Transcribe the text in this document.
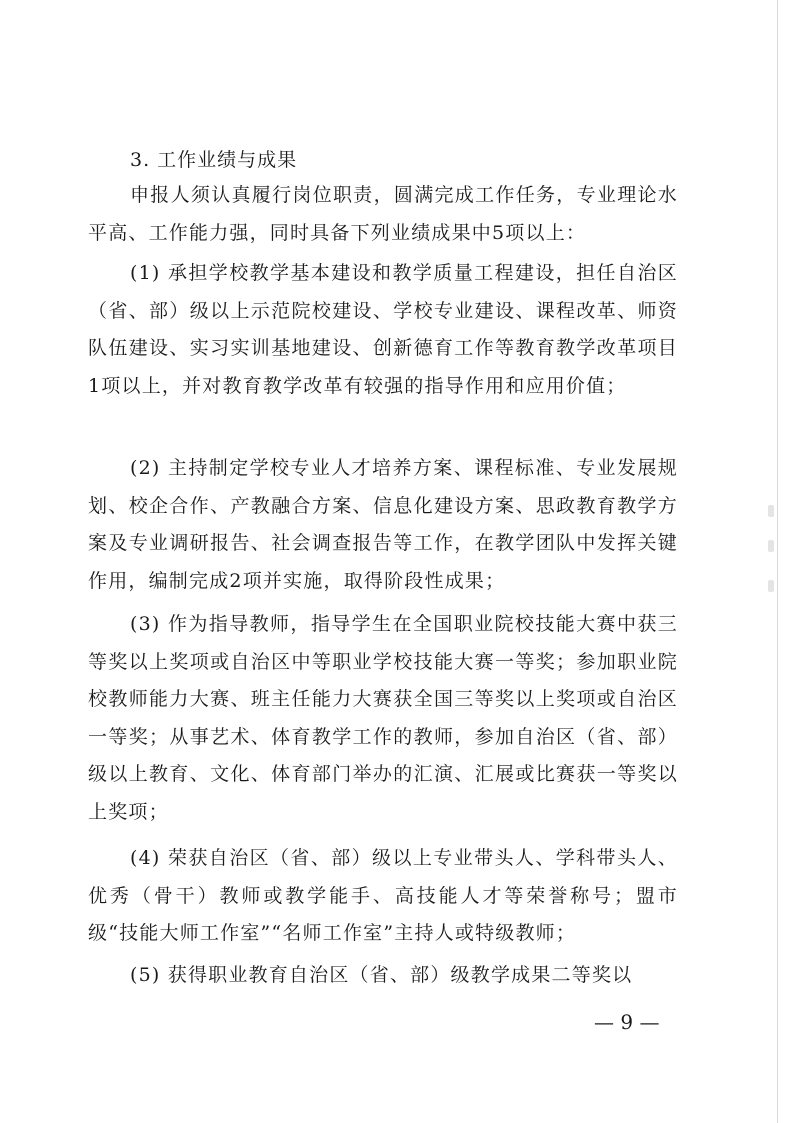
3. 工作业绩与成果

申报人须认真履行岗位职责，圆满完成工作任务，专业理论水平高、工作能力强，同时具备下列业绩成果中5项以上：

(1) 承担学校教学基本建设和教学质量工程建设，担任自治区（省、部）级以上示范院校建设、学校专业建设、课程改革、师资队伍建设、实习实训基地建设、创新德育工作等教育教学改革项目1项以上，并对教育教学改革有较强的指导作用和应用价值；

(2) 主持制定学校专业人才培养方案、课程标准、专业发展规划、校企合作、产教融合方案、信息化建设方案、思政教育教学方案及专业调研报告、社会调查报告等工作，在教学团队中发挥关键作用，编制完成2项并实施，取得阶段性成果；

(3) 作为指导教师，指导学生在全国职业院校技能大赛中获三等奖以上奖项或自治区中等职业学校技能大赛一等奖；参加职业院校教师能力大赛、班主任能力大赛获全国三等奖以上奖项或自治区一等奖；从事艺术、体育教学工作的教师，参加自治区（省、部）级以上教育、文化、体育部门举办的汇演、汇展或比赛获一等奖以上奖项；

(4) 荣获自治区（省、部）级以上专业带头人、学科带头人、优秀（骨干）教师或教学能手、高技能人才等荣誉称号；盟市级“技能大师工作室”“名师工作室”主持人或特级教师；

(5) 获得职业教育自治区（省、部）级教学成果二等奖以

— 9 —
